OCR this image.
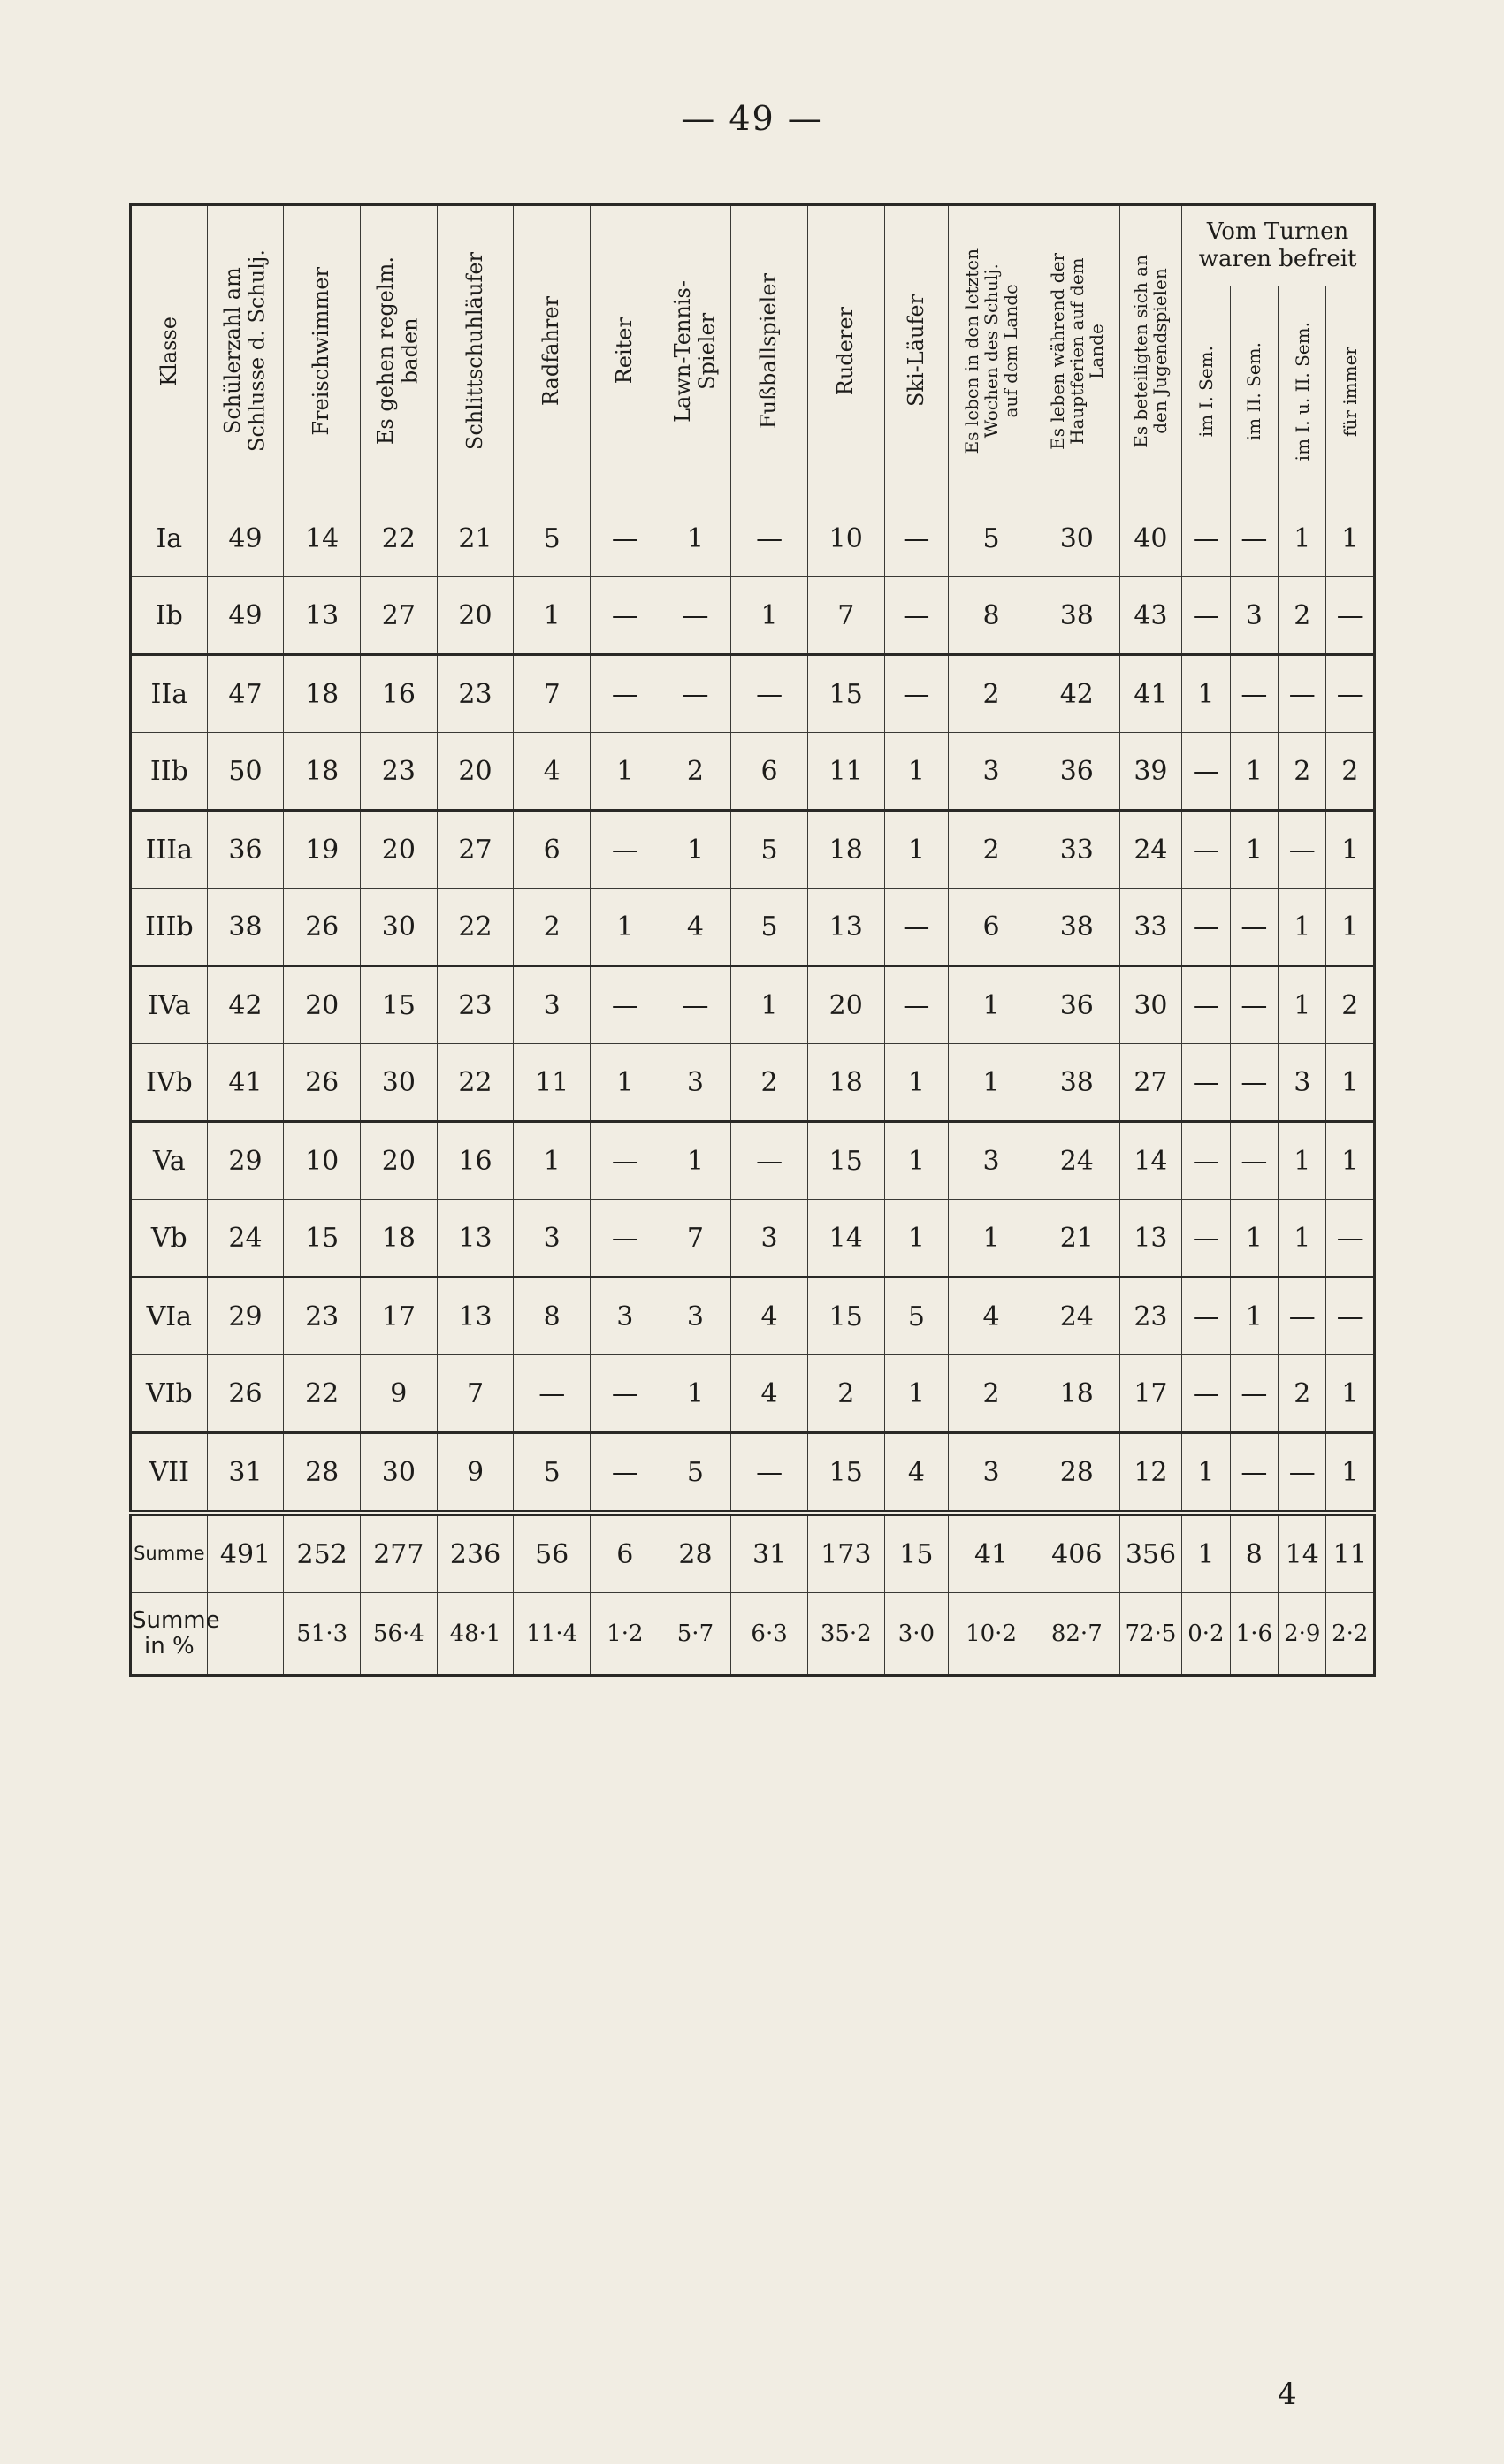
— 49 —
Klasse	Schülerzahl am
Schlusse d. Schulj.	Freischwimmer	Es gehen regelm.
baden	Schlittschuhläufer	Radfahrer	Reiter	Lawn-Tennis-
Spieler	Fußballspieler	Ruderer	Ski-Läufer	Es leben in den letzten
Wochen des Schulj.
auf dem Lande	Es leben während der
Hauptferien auf dem
Lande	Es beteiligten sich an
den Jugendspielen	Vom Turnen
waren befreit			
														im I. Sem.	im II. Sem.	im I. u. II. Sem.	für immer
Ia	49	14	22	21	5	—	1	—	10	—	5	30	40	—	—	1	1
Ib	49	13	27	20	1	—	—	1	7	—	8	38	43	—	3	2	—
IIa	47	18	16	23	7	—	—	—	15	—	2	42	41	1	—	—	—
IIb	50	18	23	20	4	1	2	6	11	1	3	36	39	—	1	2	2
IIIa	36	19	20	27	6	—	1	5	18	1	2	33	24	—	1	—	1
IIIb	38	26	30	22	2	1	4	5	13	—	6	38	33	—	—	1	1
IVa	42	20	15	23	3	—	—	1	20	—	1	36	30	—	—	1	2
IVb	41	26	30	22	11	1	3	2	18	1	1	38	27	—	—	3	1
Va	29	10	20	16	1	—	1	—	15	1	3	24	14	—	—	1	1
Vb	24	15	18	13	3	—	7	3	14	1	1	21	13	—	1	1	—
VIa	29	23	17	13	8	3	3	4	15	5	4	24	23	—	1	—	—
VIb	26	22	9	7	—	—	1	4	2	1	2	18	17	—	—	2	1
VII	31	28	30	9	5	—	5	—	15	4	3	28	12	1	—	—	1
Summe	491	252	277	236	56	6	28	31	173	15	41	406	356	1	8	14	11
Summe
in %		51·3	56·4	48·1	11·4	1·2	5·7	6·3	35·2	3·0	10·2	82·7	72·5	0·2	1·6	2·9	2·2
4
